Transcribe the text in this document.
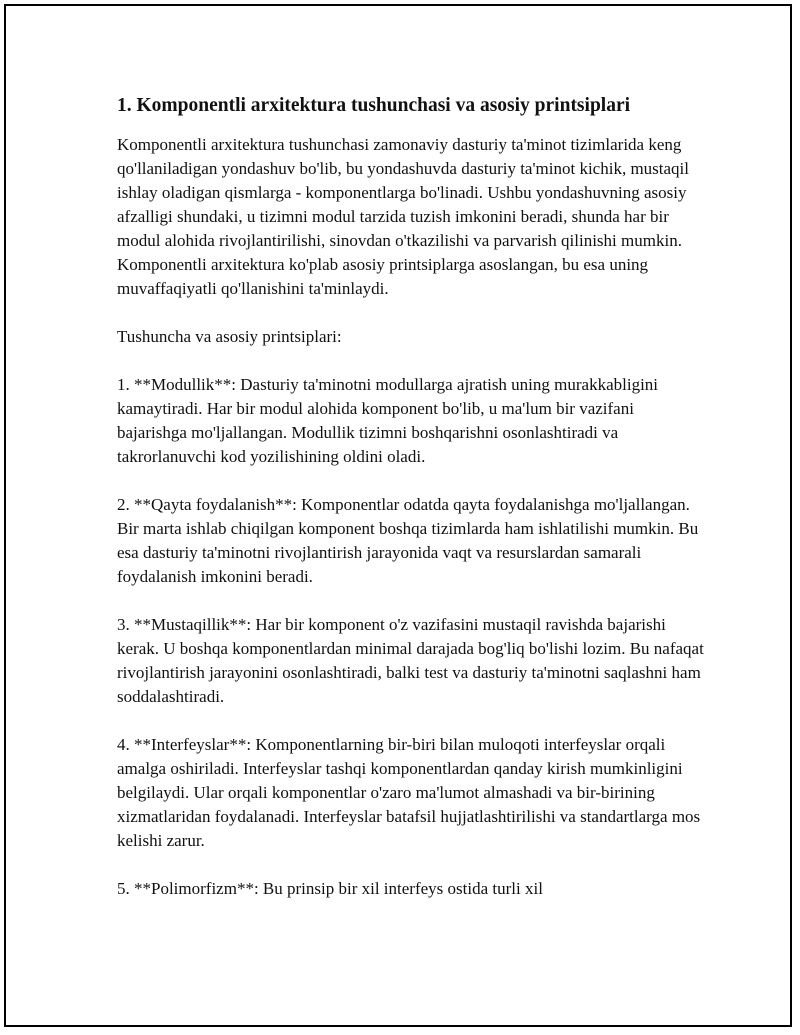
1. Komponentli arxitektura tushunchasi va asosiy printsiplari

Komponentli arxitektura tushunchasi zamonaviy dasturiy ta'minot tizimlarida keng qo'llaniladigan yondashuv bo'lib, bu yondashuvda dasturiy ta'minot kichik, mustaqil ishlay oladigan qismlarga - komponentlarga bo'linadi. Ushbu yondashuvning asosiy afzalligi shundaki, u tizimni modul tarzida tuzish imkonini beradi, shunda har bir modul alohida rivojlantirilishi, sinovdan o'tkazilishi va parvarish qilinishi mumkin. Komponentli arxitektura ko'plab asosiy printsiplarga asoslangan, bu esa uning muvaffaqiyatli qo'llanishini ta'minlaydi.

Tushuncha va asosiy printsiplari:

1. **Modullik**: Dasturiy ta'minotni modullarga ajratish uning murakkabligini kamaytiradi. Har bir modul alohida komponent bo'lib, u ma'lum bir vazifani bajarishga mo'ljallangan. Modullik tizimni boshqarishni osonlashtiradi va takrorlanuvchi kod yozilishining oldini oladi.

2. **Qayta foydalanish**: Komponentlar odatda qayta foydalanishga mo'ljallangan. Bir marta ishlab chiqilgan komponent boshqa tizimlarda ham ishlatilishi mumkin. Bu esa dasturiy ta'minotni rivojlantirish jarayonida vaqt va resurslardan samarali foydalanish imkonini beradi.

3. **Mustaqillik**: Har bir komponent o'z vazifasini mustaqil ravishda bajarishi kerak. U boshqa komponentlardan minimal darajada bog'liq bo'lishi lozim. Bu nafaqat rivojlantirish jarayonini osonlashtiradi, balki test va dasturiy ta'minotni saqlashni ham soddalashtiradi.

4. **Interfeyslar**: Komponentlarning bir-biri bilan muloqoti interfeyslar orqali amalga oshiriladi. Interfeyslar tashqi komponentlardan qanday kirish mumkinligini belgilaydi. Ular orqali komponentlar o'zaro ma'lumot almashadi va bir-birining xizmatlaridan foydalanadi. Interfeyslar batafsil hujjatlashtirilishi va standartlarga mos kelishi zarur.

5. **Polimorfizm**: Bu prinsip bir xil interfeys ostida turli xil
